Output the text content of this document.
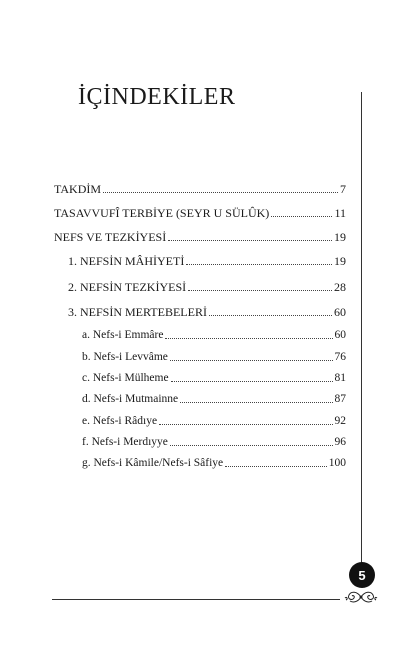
İÇİNDEKİLER
TAKDİM	7
TASAVVUFÎ TERBİYE (SEYR U SÜLÛK)	11
NEFS VE TEZKİYESİ	19
1. NEFSİN MÂHİYETİ	19
2. NEFSİN TEZKİYESİ	28
3. NEFSİN MERTEBELERİ	60
a. Nefs-i Emmâre	60
b. Nefs-i Levvâme	76
c. Nefs-i Mülheme	81
d. Nefs-i Mutmainne	87
e. Nefs-i Râdıye	92
f. Nefs-i Merdıyye	96
g. Nefs-i Kâmile/Nefs-i Sâfiye	100
5
